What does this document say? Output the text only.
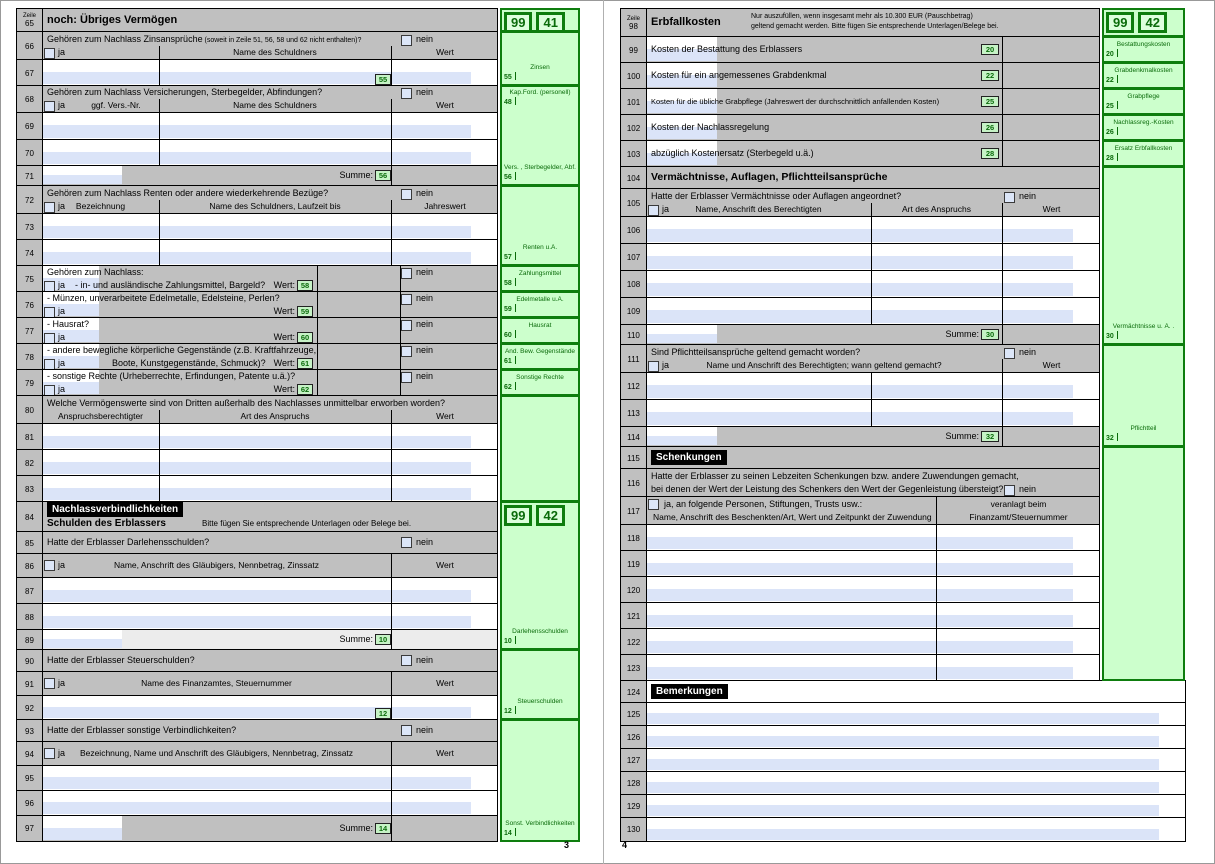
Zeile
65 noch: Übriges Vermögen
66
Gehören zum Nachlass Zinsansprüche (soweit in Zeile 51, 56, 58 und 62 nicht enthalten)?	nein
ja	Name des Schuldners	Wert
67
55
68
Gehören zum Nachlass Versicherungen, Sterbegelder, Abfindungen?	nein
ja	ggf. Vers.-Nr.	Name des Schuldners	Wert
69
70
71	Summe: 56
72
Gehören zum Nachlass Renten oder andere wiederkehrende Bezüge?	nein
ja	Bezeichnung	Name des Schuldners, Laufzeit bis	Jahreswert
73
74
75
Gehören zum Nachlass:	nein
ja - in- und ausländische Zahlungsmittel, Bargeld? Wert: 58
76
- Münzen, unverarbeitete Edelmetalle, Edelsteine, Perlen?	nein
ja	Wert: 59
77
- Hausrat?	nein
ja	Wert: 60
78
- andere bewegliche körperliche Gegenstände (z.B. Kraftfahrzeuge,	nein
ja	Boote, Kunstgegenstände, Schmuck)? Wert: 61
79
- sonstige Rechte (Urheberrechte, Erfindungen, Patente u.ä.)?	nein
ja	Wert: 62
80
Welche Vermögenswerte sind von Dritten außerhalb des Nachlasses unmittelbar erworben worden?
Anspruchsberechtigter	Art des Anspruchs	Wert
81
82
83
84
Nachlassverbindlichkeiten
Schulden des Erblassers	Bitte fügen Sie entsprechende Unterlagen oder Belege bei.
85 Hatte der Erblasser Darlehensschulden?	nein
86	ja	Name, Anschrift des Gläubigers, Nennbetrag, Zinssatz	Wert
87
88
89	Summe: 10
90 Hatte der Erblasser Steuerschulden?	nein
91	ja	Name des Finanzamtes, Steuernummer	Wert
92
12
93 Hatte der Erblasser sonstige Verbindlichkeiten?	nein
94	ja	Bezeichnung, Name und Anschrift des Gläubigers, Nennbetrag, Zinssatz	Wert
95
96
97	Summe: 14
99 41
Zinsen
55
Kap.Ford. (personell)
48
Vers. , Sterbegelder, Abf.
56
Renten u.Ä.
57
Zahlungsmittel
58
Edelmetalle u.Ä.
59
Hausrat
60
And. Bew. Gegenstände
61
Sonstige Rechte
62
99 42
Darlehensschulden
10
Steuerschulden
12
Sonst. Verbindlichkeiten
14
3
Zeile
98 Erbfallkosten	Nur auszufüllen, wenn insgesamt mehr als 10.300 EUR (Pauschbetrag)
geltend gemacht werden. Bitte fügen Sie entsprechende Unterlagen/Belege bei.
99 Kosten der Bestattung des Erblassers	20
100 Kosten für ein angemessenes Grabdenkmal	22
101 Kosten für die übliche Grabpflege (Jahreswert der durchschnittlich anfallenden Kosten)	25
102 Kosten der Nachlassregelung	26
103 abzüglich Kostenersatz (Sterbegeld u.ä.)	28
104 Vermächtnisse, Auflagen, Pflichtteilsansprüche
105
Hatte der Erblasser Vermächtnisse oder Auflagen angeordnet?	nein
ja	Name, Anschrift des Berechtigten	Art des Anspruchs	Wert
106
107
108
109
110	Summe: 30
111
Sind Pflichtteilsansprüche geltend gemacht worden?	nein
ja	Name und Anschrift des Berechtigten; wann geltend gemacht?	Wert
112
113
114	Summe: 32
115	Schenkungen
116
Hatte der Erblasser zu seinen Lebzeiten Schenkungen bzw. andere Zuwendungen gemacht,
bei denen der Wert der Leistung des Schenkers den Wert der Gegenleistung übersteigt? nein
117
ja, an folgende Personen, Stiftungen, Trusts usw.:	veranlagt beim
Name, Anschrift des Beschenkten/Art, Wert und Zeitpunkt der Zuwendung	Finanzamt/Steuernummer
118
119
120
121
122
123
124	Bemerkungen
125
126
127
128
129
130
99 42
Bestattungskosten
20
Grabdenkmalkosten
22
Grabpflege
25
Nachlassreg.-Kosten
26
Ersatz Erbfallkosten
28
Vermächtnisse u. Ä. .
30
Pflichtteil
32
4
